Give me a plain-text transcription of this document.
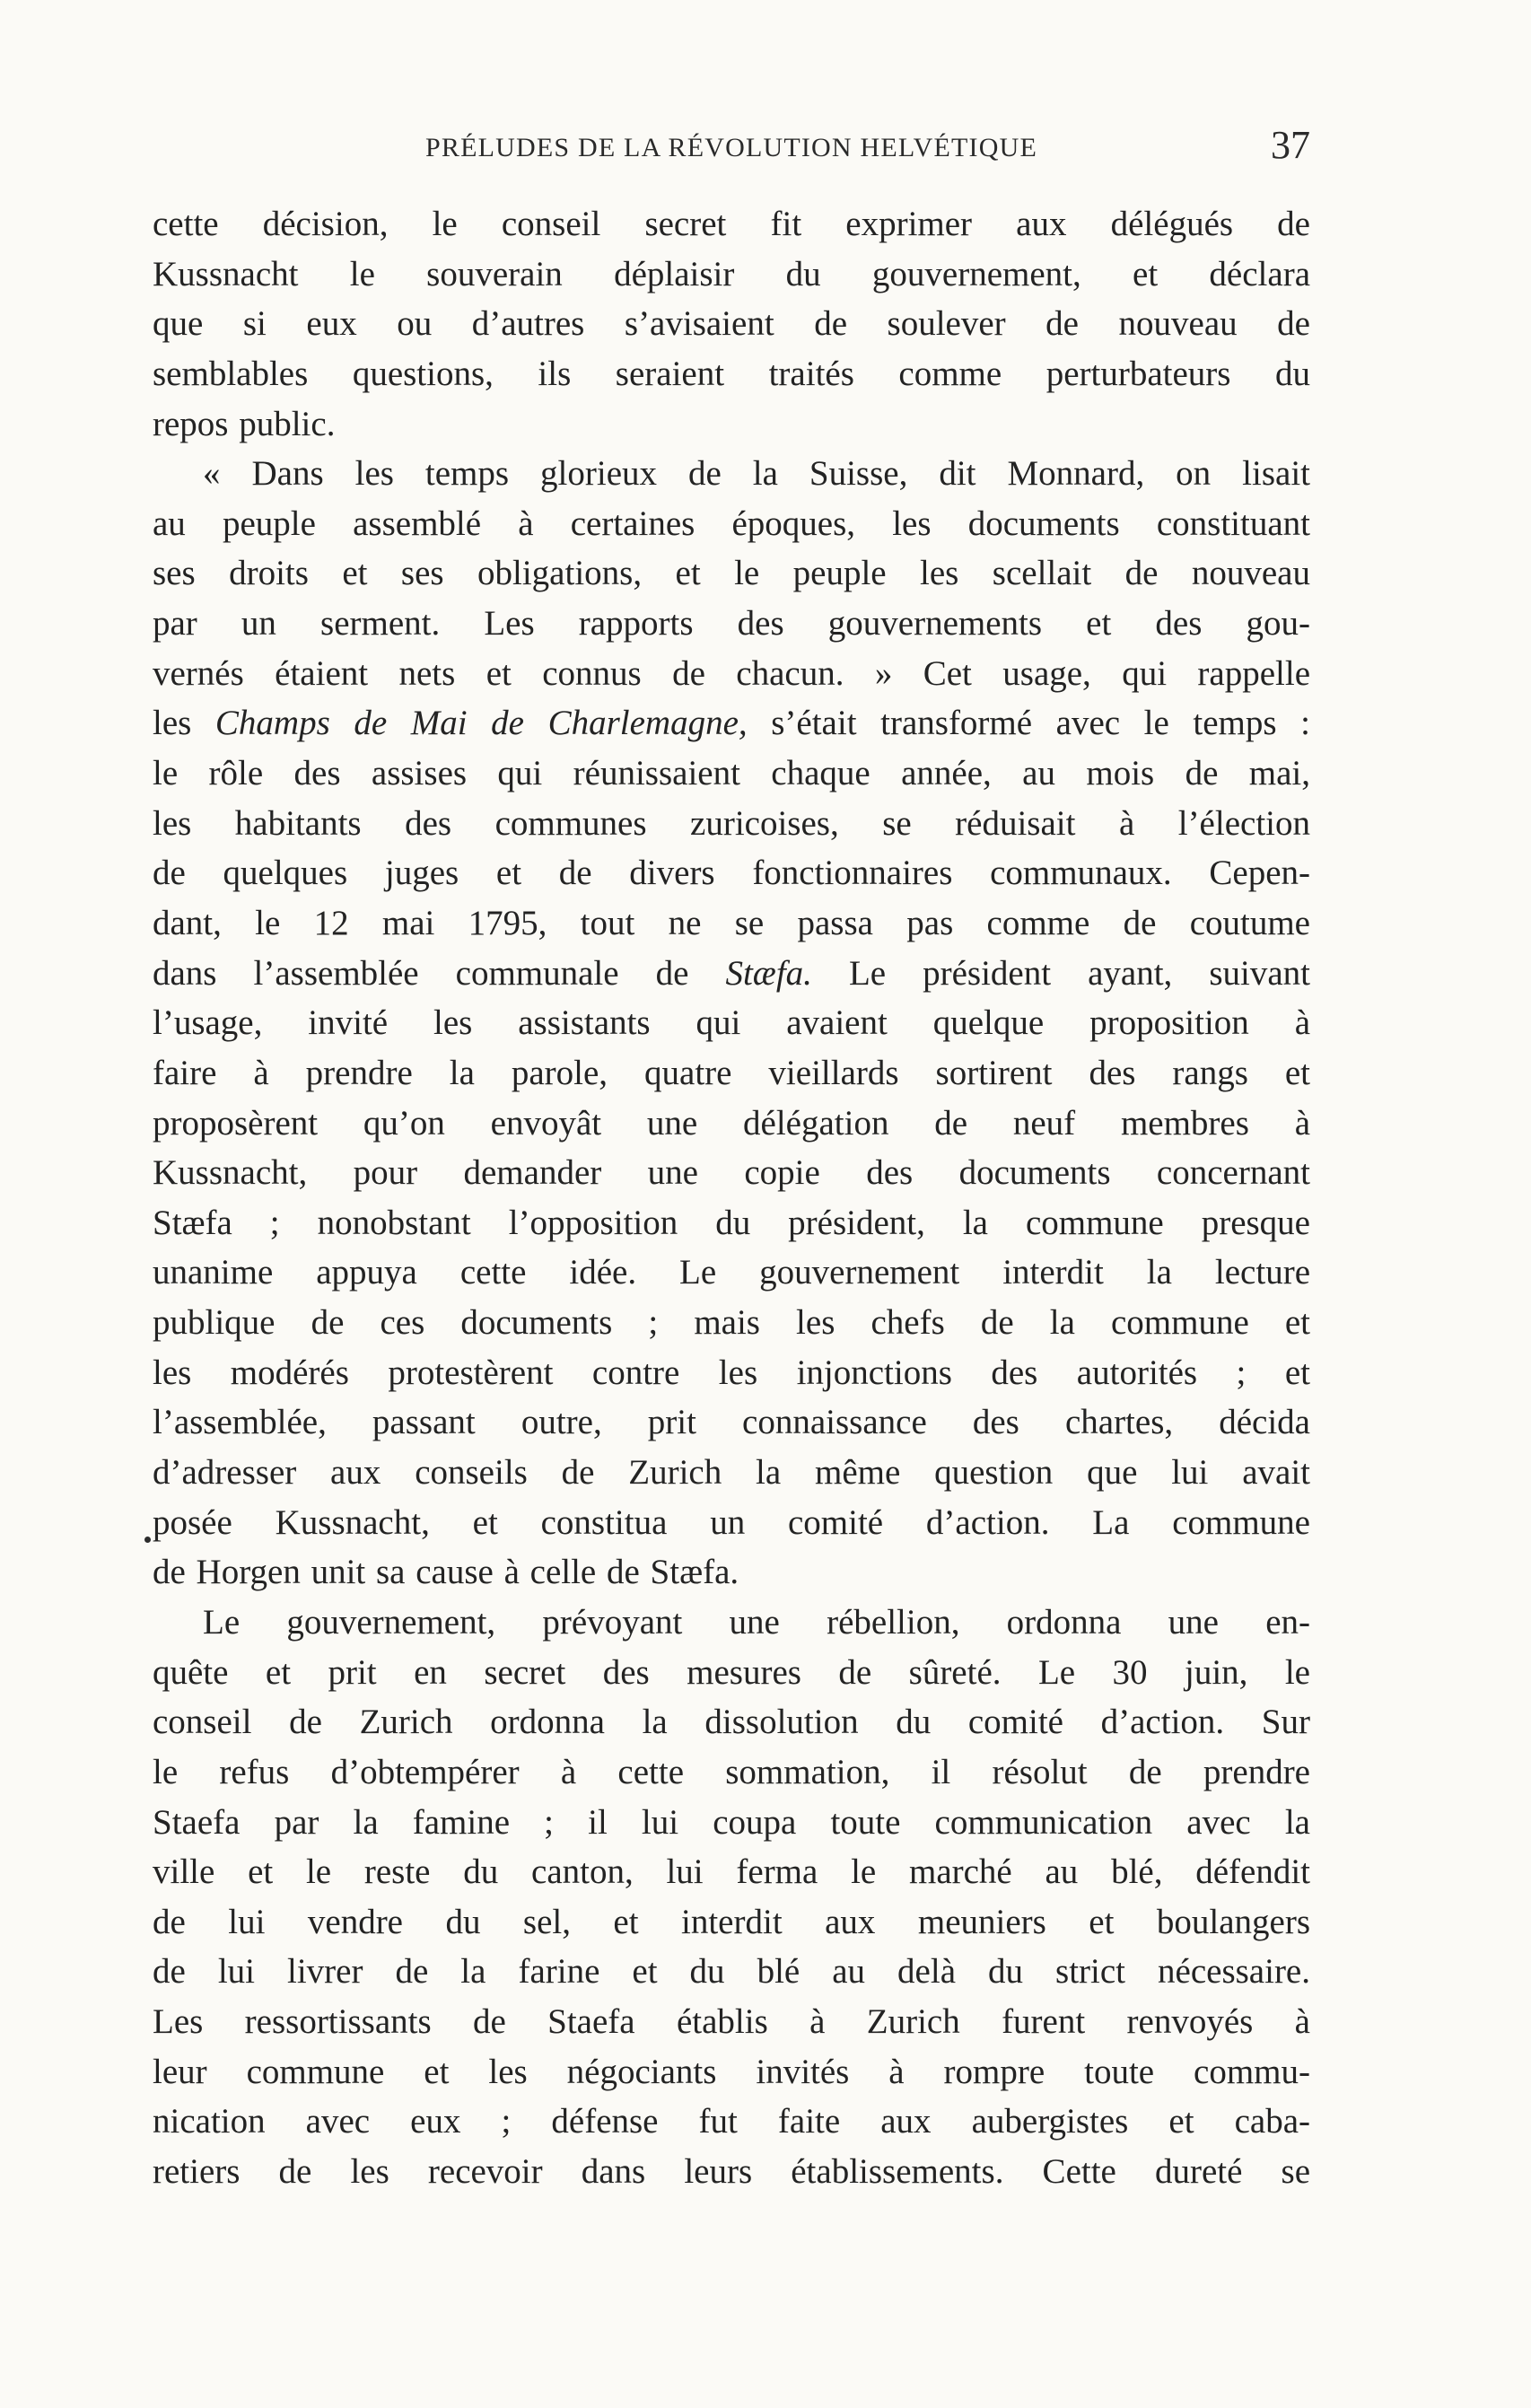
PRÉLUDES DE LA RÉVOLUTION HELVÉTIQUE	37
cette décision, le conseil secret fit exprimer aux délégués de
Kussnacht le souverain déplaisir du gouvernement, et déclara
que si eux ou d’autres s’avisaient de soulever de nouveau de
semblables questions, ils seraient traités comme perturbateurs du
repos public.
« Dans les temps glorieux de la Suisse, dit Monnard, on lisait
au peuple assemblé à certaines époques, les documents constituant
ses droits et ses obligations, et le peuple les scellait de nouveau
par un serment. Les rapports des gouvernements et des gou-
vernés étaient nets et connus de chacun. » Cet usage, qui rappelle
les Champs de Mai de Charlemagne, s’était transformé avec le temps :
le rôle des assises qui réunissaient chaque année, au mois de mai,
les habitants des communes zuricoises, se réduisait à l’élection
de quelques juges et de divers fonctionnaires communaux. Cepen-
dant, le 12 mai 1795, tout ne se passa pas comme de coutume
dans l’assemblée communale de Stæfa. Le président ayant, suivant
l’usage, invité les assistants qui avaient quelque proposition à
faire à prendre la parole, quatre vieillards sortirent des rangs et
proposèrent qu’on envoyât une délégation de neuf membres à
Kussnacht, pour demander une copie des documents concernant
Stæfa ; nonobstant l’opposition du président, la commune presque
unanime appuya cette idée. Le gouvernement interdit la lecture
publique de ces documents ; mais les chefs de la commune et
les modérés protestèrent contre les injonctions des autorités ; et
l’assemblée, passant outre, prit connaissance des chartes, décida
d’adresser aux conseils de Zurich la même question que lui avait
posée Kussnacht, et constitua un comité d’action. La commune
de Horgen unit sa cause à celle de Stæfa.
Le gouvernement, prévoyant une rébellion, ordonna une en-
quête et prit en secret des mesures de sûreté. Le 30 juin, le
conseil de Zurich ordonna la dissolution du comité d’action. Sur
le refus d’obtempérer à cette sommation, il résolut de prendre
Staefa par la famine ; il lui coupa toute communication avec la
ville et le reste du canton, lui ferma le marché au blé, défendit
de lui vendre du sel, et interdit aux meuniers et boulangers
de lui livrer de la farine et du blé au delà du strict nécessaire.
Les ressortissants de Staefa établis à Zurich furent renvoyés à
leur commune et les négociants invités à rompre toute commu-
nication avec eux ; défense fut faite aux aubergistes et caba-
retiers de les recevoir dans leurs établissements. Cette dureté se
